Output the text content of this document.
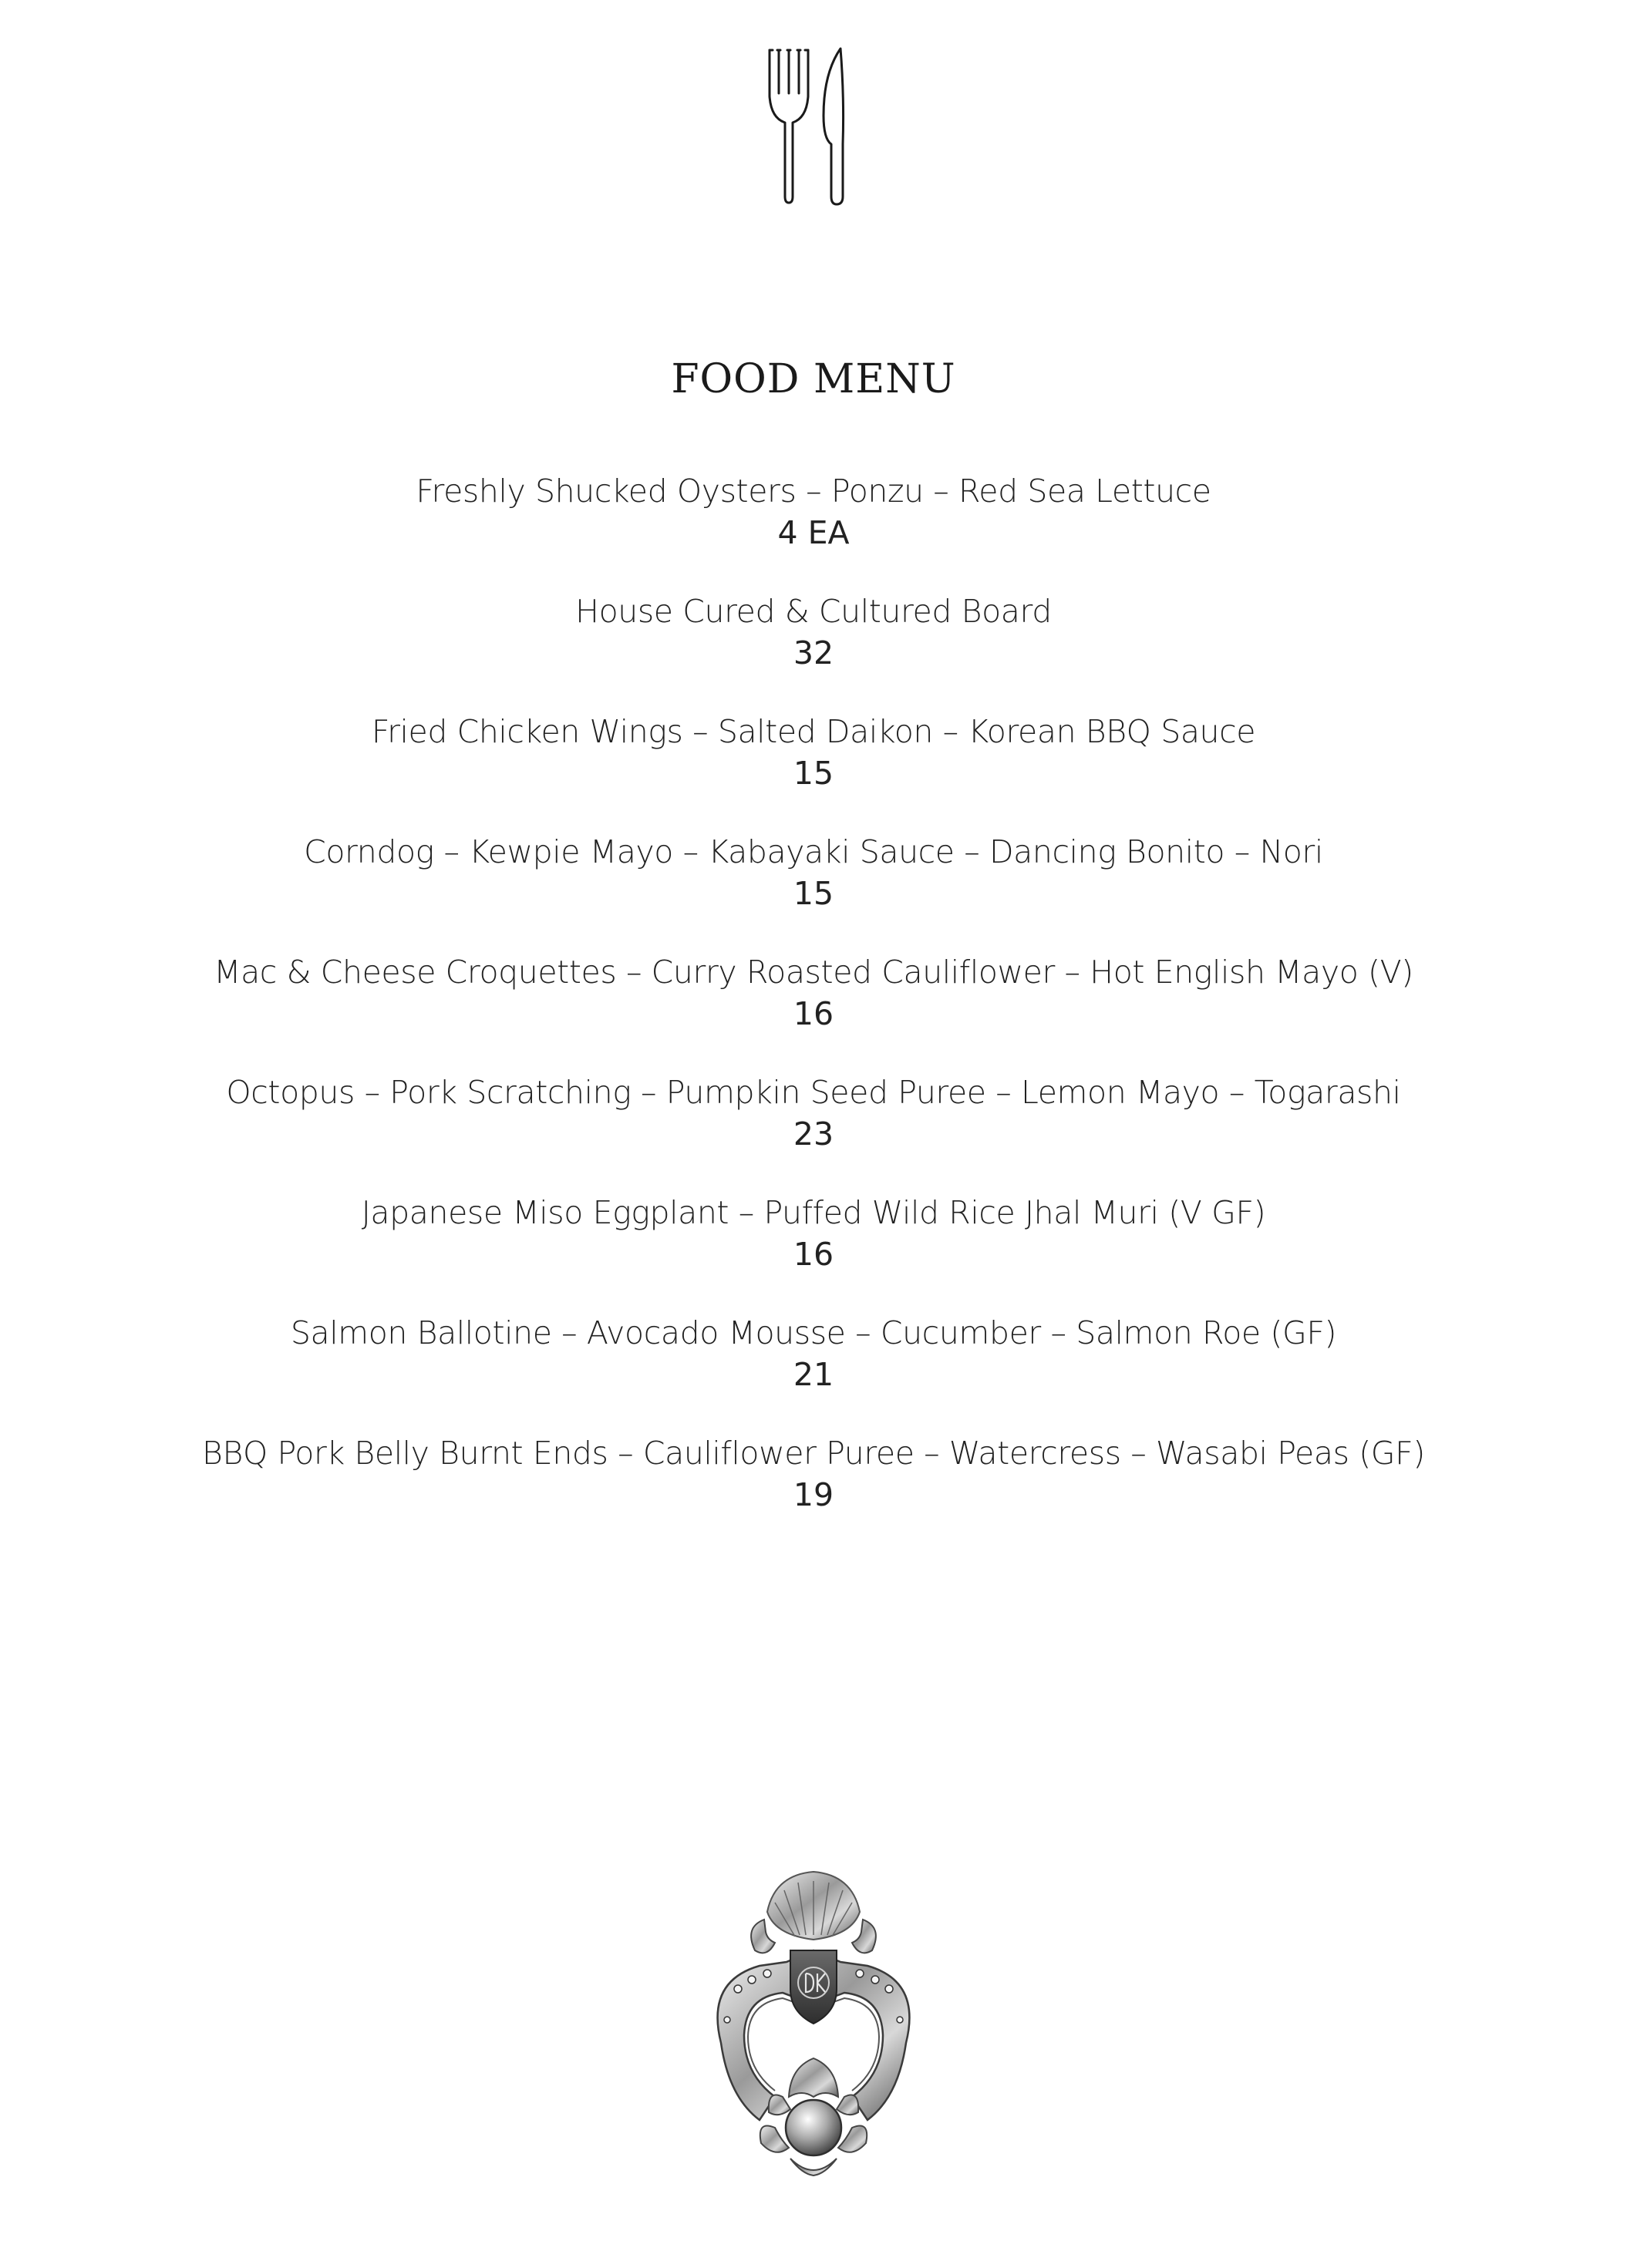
FOOD MENU
Freshly Shucked Oysters – Ponzu – Red Sea Lettuce
4 EA
House Cured & Cultured Board
32
Fried Chicken Wings – Salted Daikon – Korean BBQ Sauce
15
Corndog – Kewpie Mayo – Kabayaki Sauce – Dancing Bonito – Nori
15
Mac & Cheese Croquettes – Curry Roasted Cauliflower – Hot English Mayo (V)
16
Octopus – Pork Scratching – Pumpkin Seed Puree – Lemon Mayo – Togarashi
23
Japanese Miso Eggplant – Puffed Wild Rice Jhal Muri (V GF)
16
Salmon Ballotine – Avocado Mousse – Cucumber – Salmon Roe (GF)
21
BBQ Pork Belly Burnt Ends – Cauliflower Puree – Watercress – Wasabi Peas (GF)
19
